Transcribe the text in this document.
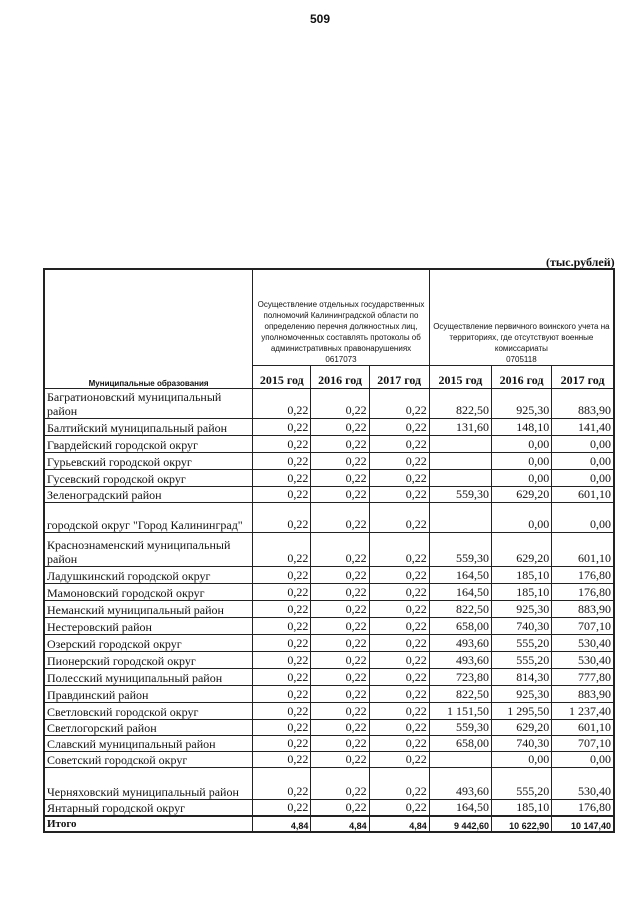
509
(тыс.рублей)
Муниципальные образования	Осуществление отдельных государственных полномочий Калининградской области по определению перечня должностных лиц, уполномоченных составлять протоколы об административных правонарушениях
0617073			Осуществление первичного воинского учета на территориях, где отсутствуют военные комиссариаты
0705118		

	2015 год	2016 год	2017 год	2015 год	2016 год	2017 год
Багратионовский муниципальный район	0,22	0,22	0,22	822,50	925,30	883,90
Балтийский муниципальный район	0,22	0,22	0,22	131,60	148,10	141,40
Гвардейский городской округ	0,22	0,22	0,22		0,00	0,00
Гурьевский городской округ	0,22	0,22	0,22		0,00	0,00
Гусевский городской округ	0,22	0,22	0,22		0,00	0,00
Зеленоградский район	0,22	0,22	0,22	559,30	629,20	601,10
городской округ "Город Калининград"	0,22	0,22	0,22		0,00	0,00
Краснознаменский муниципальный район	0,22	0,22	0,22	559,30	629,20	601,10
Ладушкинский городской округ	0,22	0,22	0,22	164,50	185,10	176,80
Мамоновский городской округ	0,22	0,22	0,22	164,50	185,10	176,80
Неманский муниципальный район	0,22	0,22	0,22	822,50	925,30	883,90
Нестеровский район	0,22	0,22	0,22	658,00	740,30	707,10
Озерский городской округ	0,22	0,22	0,22	493,60	555,20	530,40
Пионерский городской округ	0,22	0,22	0,22	493,60	555,20	530,40
Полесский муниципальный район	0,22	0,22	0,22	723,80	814,30	777,80
Правдинский район	0,22	0,22	0,22	822,50	925,30	883,90
Светловский городской округ	0,22	0,22	0,22	1 151,50	1 295,50	1 237,40
Светлогорский район	0,22	0,22	0,22	559,30	629,20	601,10
Славский муниципальный район	0,22	0,22	0,22	658,00	740,30	707,10
Советский городской округ	0,22	0,22	0,22		0,00	0,00
Черняховский муниципальный район	0,22	0,22	0,22	493,60	555,20	530,40
Янтарный городской округ	0,22	0,22	0,22	164,50	185,10	176,80
Итого	4,84	4,84	4,84	9 442,60	10 622,90	10 147,40
